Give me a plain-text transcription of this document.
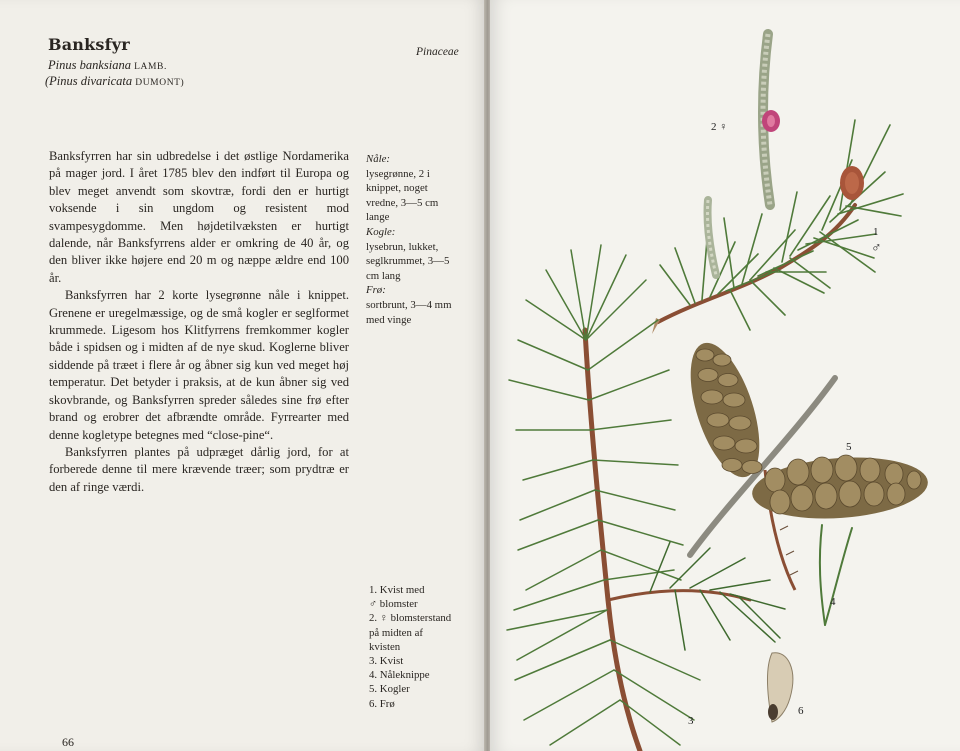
Banksfyr
Pinus banksiana LAMB.
(Pinus divaricata DUMONT)
Pinaceae

Banksfyrren har sin udbredelse i det østlige Nordamerika på mager jord. I året 1785 blev den indført til Europa og blev meget anvendt som skovtræ, fordi den er hurtigt voksende i sin ungdom og resistent mod svampesygdomme. Men højdetilvæksten er hurtigt dalende, når Banksfyrrens alder er omkring de 40 år, og den bliver ikke højere end 20 m og næppe ældre end 100 år.

Banksfyrren har 2 korte lysegrønne nåle i knippet. Grenene er uregelmæssige, og de små kogler er seglformet krummede. Ligesom hos Klitfyrrens fremkommer kogler både i spidsen og i midten af de nye skud. Koglerne bliver siddende på træet i flere år og åbner sig kun ved meget høj temperatur. Det betyder i praksis, at de kun åbner sig ved skovbrande, og Banksfyrren spreder således sine frø efter brand og erobrer det afbrændte område. Fyrrearter med denne kogletype betegnes med “close-pine“.

Banksfyrren plantes på udpræget dårlig jord, for at forberede denne til mere krævende træer; som prydtræ er den af ringe værdi.

Nåle:
lysegrønne, 2 i knippet, noget vredne, 3—5 cm lange
Kogle:
lysebrun, lukket, seglkrummet, 3—5 cm lang
Frø:
sortbrunt, 3—4 mm med vinge
1. Kvist med
♂ blomster
2. ♀ blomsterstand
på midten af
kvisten
3. Kvist
4. Nåleknippe
5. Kogler
6. Frø
66
2 ♀
1
♂
5
4
6
3
